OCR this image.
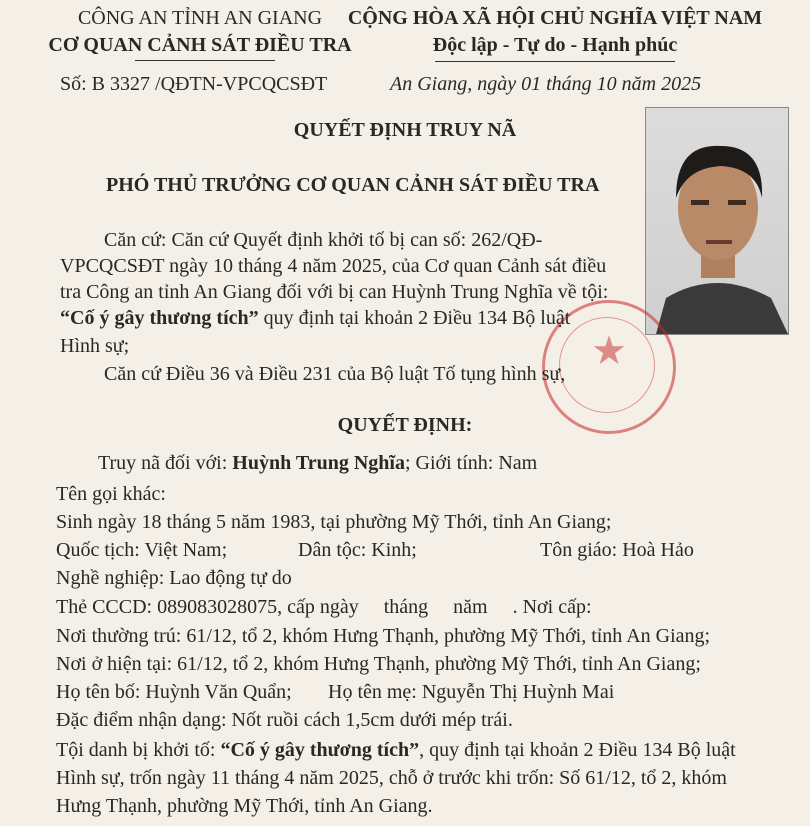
CÔNG AN TỈNH AN GIANG
CƠ QUAN CẢNH SÁT ĐIỀU TRA
CỘNG HÒA XÃ HỘI CHỦ NGHĨA VIỆT NAM
Độc lập - Tự do - Hạnh phúc
Số: B 3327 /QĐTN-VPCQCSĐT	An Giang, ngày 01 tháng 10 năm 2025
★
QUYẾT ĐỊNH TRUY NÃ
PHÓ THỦ TRƯỞNG CƠ QUAN CẢNH SÁT ĐIỀU TRA
Căn cứ: Căn cứ Quyết định khởi tố bị can số: 262/QĐ-
VPCQCSĐT ngày 10 tháng 4 năm 2025, của Cơ quan Cảnh sát điều
tra Công an tỉnh An Giang đối với bị can Huỳnh Trung Nghĩa về tội:
“Cố ý gây thương tích” quy định tại khoản 2 Điều 134 Bộ luật
Hình sự;
Căn cứ Điều 36 và Điều 231 của Bộ luật Tố tụng hình sự,
QUYẾT ĐỊNH:
Truy nã đối với: Huỳnh Trung Nghĩa; Giới tính: Nam
Tên gọi khác:
Sinh ngày 18 tháng 5 năm 1983, tại phường Mỹ Thới, tỉnh An Giang;
Quốc tịch: Việt Nam;	Dân tộc: Kinh;	Tôn giáo: Hoà Hảo
Nghề nghiệp: Lao động tự do
Thẻ CCCD: 089083028075, cấp ngày     tháng     năm     . Nơi cấp:
Nơi thường trú: 61/12, tổ 2, khóm Hưng Thạnh, phường Mỹ Thới, tỉnh An Giang;
Nơi ở hiện tại: 61/12, tổ 2, khóm Hưng Thạnh, phường Mỹ Thới, tỉnh An Giang;
Họ tên bố: Huỳnh Văn Quẩn; Họ tên mẹ: Nguyễn Thị Huỳnh Mai
Đặc điểm nhận dạng: Nốt ruồi cách 1,5cm dưới mép trái.
Tội danh bị khởi tố: “Cố ý gây thương tích”, quy định tại khoản 2 Điều 134 Bộ luật
Hình sự, trốn ngày 11 tháng 4 năm 2025, chỗ ở trước khi trốn: Số 61/12, tổ 2, khóm
Hưng Thạnh, phường Mỹ Thới, tỉnh An Giang.
